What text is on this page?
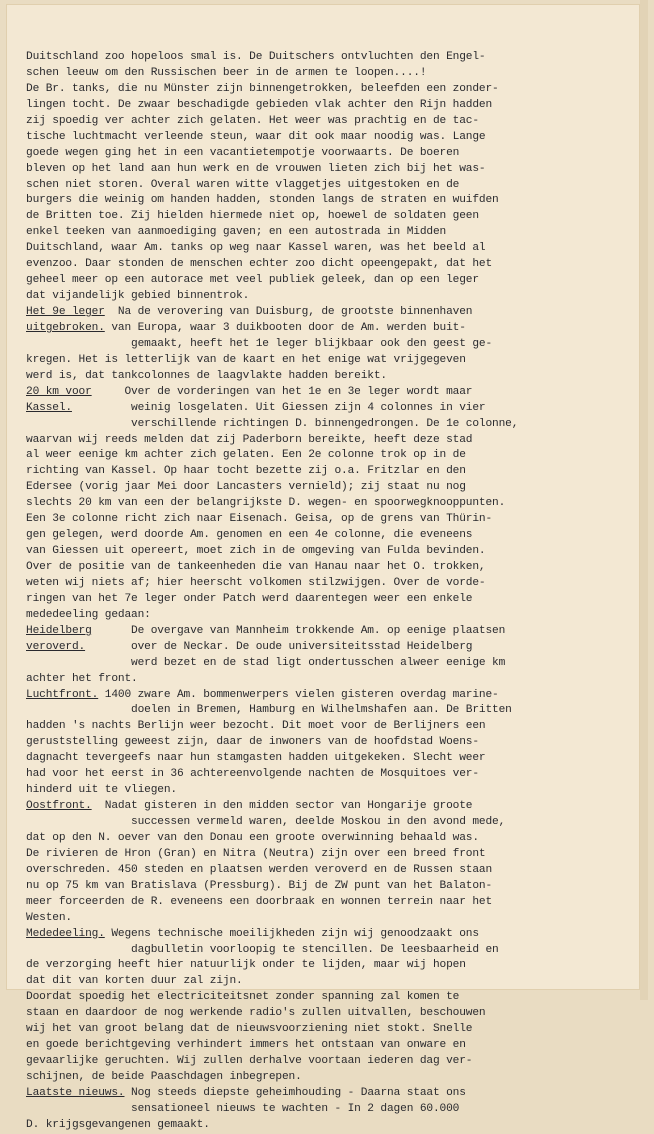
Duitschland zoo hopeloos smal is. De Duitschers ontvluchten den Engel-
schen leeuw om den Russischen beer in de armen te loopen....!
De Br. tanks, die nu Münster zijn binnengetrokken, beleefden een zonder-
lingen tocht. De zwaar beschadigde gebieden vlak achter den Rijn hadden
zij spoedig ver achter zich gelaten. Het weer was prachtig en de tac-
tische luchtmacht verleende steun, waar dit ook maar noodig was. Lange
goede wegen ging het in een vacantietempotje voorwaarts. De boeren
bleven op het land aan hun werk en de vrouwen lieten zich bij het was-
schen niet storen. Overal waren witte vlaggetjes uitgestoken en de
burgers die weinig om handen hadden, stonden langs de straten en wuifden
de Britten toe. Zij hielden hiermede niet op, hoewel de soldaten geen
enkel teeken van aanmoediging gaven; en een autostrada in Midden
Duitschland, waar Am. tanks op weg naar Kassel waren, was het beeld al
evenzoo. Daar stonden de menschen echter zoo dicht opeengepakt, dat het
geheel meer op een autorace met veel publiek geleek, dan op een leger
dat vijandelijk gebied binnentrok.
Het 9e leger  Na de verovering van Duisburg, de grootste binnenhaven
uitgebroken. van Europa, waar 3 duikbooten door de Am. werden buit-
gemaakt, heeft het 1e leger blijkbaar ook den geest ge-
kregen. Het is letterlijk van de kaart en het enige wat vrijgegeven
werd is, dat tankcolonnes de laagvlakte hadden bereikt.
20 km voor     Over de vorderingen van het 1e en 3e leger wordt maar
Kassel.         weinig losgelaten. Uit Giessen zijn 4 colonnes in vier
verschillende richtingen D. binnengedrongen. De 1e colonne,
waarvan wij reeds melden dat zij Paderborn bereikte, heeft deze stad
al weer eenige km achter zich gelaten. Een 2e colonne trok op in de
richting van Kassel. Op haar tocht bezette zij o.a. Fritzlar en den
Edersee (vorig jaar Mei door Lancasters vernield); zij staat nu nog
slechts 20 km van een der belangrijkste D. wegen- en spoorwegknooppunten.
Een 3e colonne richt zich naar Eisenach. Geisa, op de grens van Thürin-
gen gelegen, werd doorde Am. genomen en een 4e colonne, die eveneens
van Giessen uit opereert, moet zich in de omgeving van Fulda bevinden.
Over de positie van de tankeenheden die van Hanau naar het O. trokken,
weten wij niets af; hier heerscht volkomen stilzwijgen. Over de vorde-
ringen van het 7e leger onder Patch werd daarentegen weer een enkele
mededeeling gedaan:
Heidelberg      De overgave van Mannheim trokkende Am. op eenige plaatsen
veroverd.       over de Neckar. De oude universiteitsstad Heidelberg
werd bezet en de stad ligt ondertusschen alweer eenige km
achter het front.
Luchtfront. 1400 zware Am. bommenwerpers vielen gisteren overdag marine-
doelen in Bremen, Hamburg en Wilhelmshafen aan. De Britten
hadden 's nachts Berlijn weer bezocht. Dit moet voor de Berlijners een
geruststelling geweest zijn, daar de inwoners van de hoofdstad Woens-
dagnacht tevergeefs naar hun stamgasten hadden uitgekeken. Slecht weer
had voor het eerst in 36 achtereenvolgende nachten de Mosquitoes ver-
hinderd uit te vliegen.
Oostfront.  Nadat gisteren in den midden sector van Hongarije groote
successen vermeld waren, deelde Moskou in den avond mede,
dat op den N. oever van den Donau een groote overwinning behaald was.
De rivieren de Hron (Gran) en Nitra (Neutra) zijn over een breed front
overschreden. 450 steden en plaatsen werden veroverd en de Russen staan
nu op 75 km van Bratislava (Pressburg). Bij de ZW punt van het Balaton-
meer forceerden de R. eveneens een doorbraak en wonnen terrein naar het
Westen.
Mededeeling. Wegens technische moeilijkheden zijn wij genoodzaakt ons
dagbulletin voorloopig te stencillen. De leesbaarheid en
de verzorging heeft hier natuurlijk onder te lijden, maar wij hopen
dat dit van korten duur zal zijn.
Doordat spoedig het electriciteitsnet zonder spanning zal komen te
staan en daardoor de nog werkende radio's zullen uitvallen, beschouwen
wij het van groot belang dat de nieuwsvoorziening niet stokt. Snelle
en goede berichtgeving verhindert immers het ontstaan van onware en
gevaarlijke geruchten. Wij zullen derhalve voortaan iederen dag ver-
schijnen, de beide Paaschdagen inbegrepen.
Laatste nieuws. Nog steeds diepste geheimhouding - Daarna staat ons
sensationeel nieuws te wachten - In 2 dagen 60.000
D. krijgsgevangenen gemaakt.
